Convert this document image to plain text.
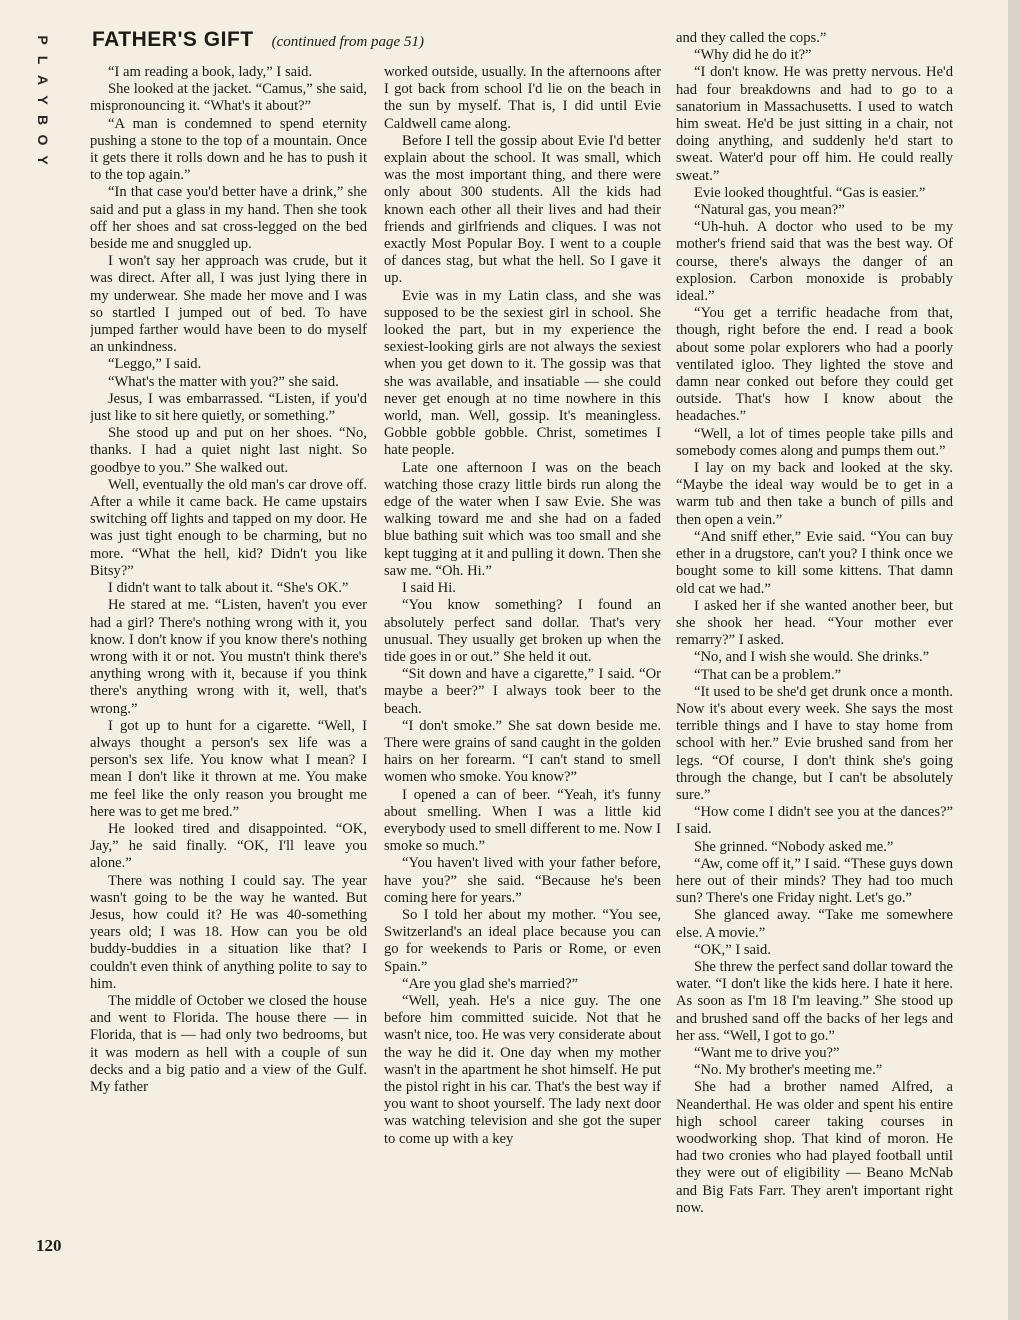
P
L
A
Y
B
O
Y
FATHER'S GIFT (continued from page 51)

“I am reading a book, lady,” I said.

She looked at the jacket. “Camus,” she said, mispronouncing it. “What's it about?”

“A man is condemned to spend eternity pushing a stone to the top of a mountain. Once it gets there it rolls down and he has to push it to the top again.”

“In that case you'd better have a drink,” she said and put a glass in my hand. Then she took off her shoes and sat cross-legged on the bed beside me and snuggled up.

I won't say her approach was crude, but it was direct. After all, I was just lying there in my underwear. She made her move and I was so startled I jumped out of bed. To have jumped farther would have been to do myself an unkindness.

“Leggo,” I said.

“What's the matter with you?” she said.

Jesus, I was embarrassed. “Listen, if you'd just like to sit here quietly, or something.”

She stood up and put on her shoes. “No, thanks. I had a quiet night last night. So goodbye to you.” She walked out.

Well, eventually the old man's car drove off. After a while it came back. He came upstairs switching off lights and tapped on my door. He was just tight enough to be charming, but no more. “What the hell, kid? Didn't you like Bitsy?”

I didn't want to talk about it. “She's OK.”

He stared at me. “Listen, haven't you ever had a girl? There's nothing wrong with it, you know. I don't know if you know there's nothing wrong with it or not. You mustn't think there's anything wrong with it, because if you think there's anything wrong with it, well, that's wrong.”

I got up to hunt for a cigarette. “Well, I always thought a person's sex life was a person's sex life. You know what I mean? I mean I don't like it thrown at me. You make me feel like the only reason you brought me here was to get me bred.”

He looked tired and disappointed. “OK, Jay,” he said finally. “OK, I'll leave you alone.”

There was nothing I could say. The year wasn't going to be the way he wanted. But Jesus, how could it? He was 40-something years old; I was 18. How can you be old buddy-buddies in a situation like that? I couldn't even think of anything polite to say to him.

The middle of October we closed the house and went to Florida. The house there — in Florida, that is — had only two bedrooms, but it was modern as hell with a couple of sun decks and a big patio and a view of the Gulf. My father

worked outside, usually. In the afternoons after I got back from school I'd lie on the beach in the sun by myself. That is, I did until Evie Caldwell came along.

Before I tell the gossip about Evie I'd better explain about the school. It was small, which was the most important thing, and there were only about 300 students. All the kids had known each other all their lives and had their friends and girlfriends and cliques. I was not exactly Most Popular Boy. I went to a couple of dances stag, but what the hell. So I gave it up.

Evie was in my Latin class, and she was supposed to be the sexiest girl in school. She looked the part, but in my experience the sexiest-looking girls are not always the sexiest when you get down to it. The gossip was that she was available, and insatiable — she could never get enough at no time nowhere in this world, man. Well, gossip. It's meaningless. Gobble gobble gobble. Christ, sometimes I hate people.

Late one afternoon I was on the beach watching those crazy little birds run along the edge of the water when I saw Evie. She was walking toward me and she had on a faded blue bathing suit which was too small and she kept tugging at it and pulling it down. Then she saw me. “Oh. Hi.”

I said Hi.

“You know something? I found an absolutely perfect sand dollar. That's very unusual. They usually get broken up when the tide goes in or out.” She held it out.

“Sit down and have a cigarette,” I said. “Or maybe a beer?” I always took beer to the beach.

“I don't smoke.” She sat down beside me. There were grains of sand caught in the golden hairs on her forearm. “I can't stand to smell women who smoke. You know?”

I opened a can of beer. “Yeah, it's funny about smelling. When I was a little kid everybody used to smell different to me. Now I smoke so much.”

“You haven't lived with your father before, have you?” she said. “Because he's been coming here for years.”

So I told her about my mother. “You see, Switzerland's an ideal place because you can go for weekends to Paris or Rome, or even Spain.”

“Are you glad she's married?”

“Well, yeah. He's a nice guy. The one before him committed suicide. Not that he wasn't nice, too. He was very considerate about the way he did it. One day when my mother wasn't in the apartment he shot himself. He put the pistol right in his car. That's the best way if you want to shoot yourself. The lady next door was watching television and she got the super to come up with a key

and they called the cops.”

“Why did he do it?”

“I don't know. He was pretty nervous. He'd had four breakdowns and had to go to a sanatorium in Massachusetts. I used to watch him sweat. He'd be just sitting in a chair, not doing anything, and suddenly he'd start to sweat. Water'd pour off him. He could really sweat.”

Evie looked thoughtful. “Gas is easier.”

“Natural gas, you mean?”

“Uh-huh. A doctor who used to be my mother's friend said that was the best way. Of course, there's always the danger of an explosion. Carbon monoxide is probably ideal.”

“You get a terrific headache from that, though, right before the end. I read a book about some polar explorers who had a poorly ventilated igloo. They lighted the stove and damn near conked out before they could get outside. That's how I know about the headaches.”

“Well, a lot of times people take pills and somebody comes along and pumps them out.”

I lay on my back and looked at the sky. “Maybe the ideal way would be to get in a warm tub and then take a bunch of pills and then open a vein.”

“And sniff ether,” Evie said. “You can buy ether in a drugstore, can't you? I think once we bought some to kill some kittens. That damn old cat we had.”

I asked her if she wanted another beer, but she shook her head. “Your mother ever remarry?” I asked.

“No, and I wish she would. She drinks.”

“That can be a problem.”

“It used to be she'd get drunk once a month. Now it's about every week. She says the most terrible things and I have to stay home from school with her.” Evie brushed sand from her legs. “Of course, I don't think she's going through the change, but I can't be absolutely sure.”

“How come I didn't see you at the dances?” I said.

She grinned. “Nobody asked me.”

“Aw, come off it,” I said. “These guys down here out of their minds? They had too much sun? There's one Friday night. Let's go.”

She glanced away. “Take me somewhere else. A movie.”

“OK,” I said.

She threw the perfect sand dollar toward the water. “I don't like the kids here. I hate it here. As soon as I'm 18 I'm leaving.” She stood up and brushed sand off the backs of her legs and her ass. “Well, I got to go.”

“Want me to drive you?”

“No. My brother's meeting me.”

She had a brother named Alfred, a Neanderthal. He was older and spent his entire high school career taking courses in woodworking shop. That kind of moron. He had two cronies who had played football until they were out of eligibility — Beano McNab and Big Fats Farr. They aren't important right now.

120
